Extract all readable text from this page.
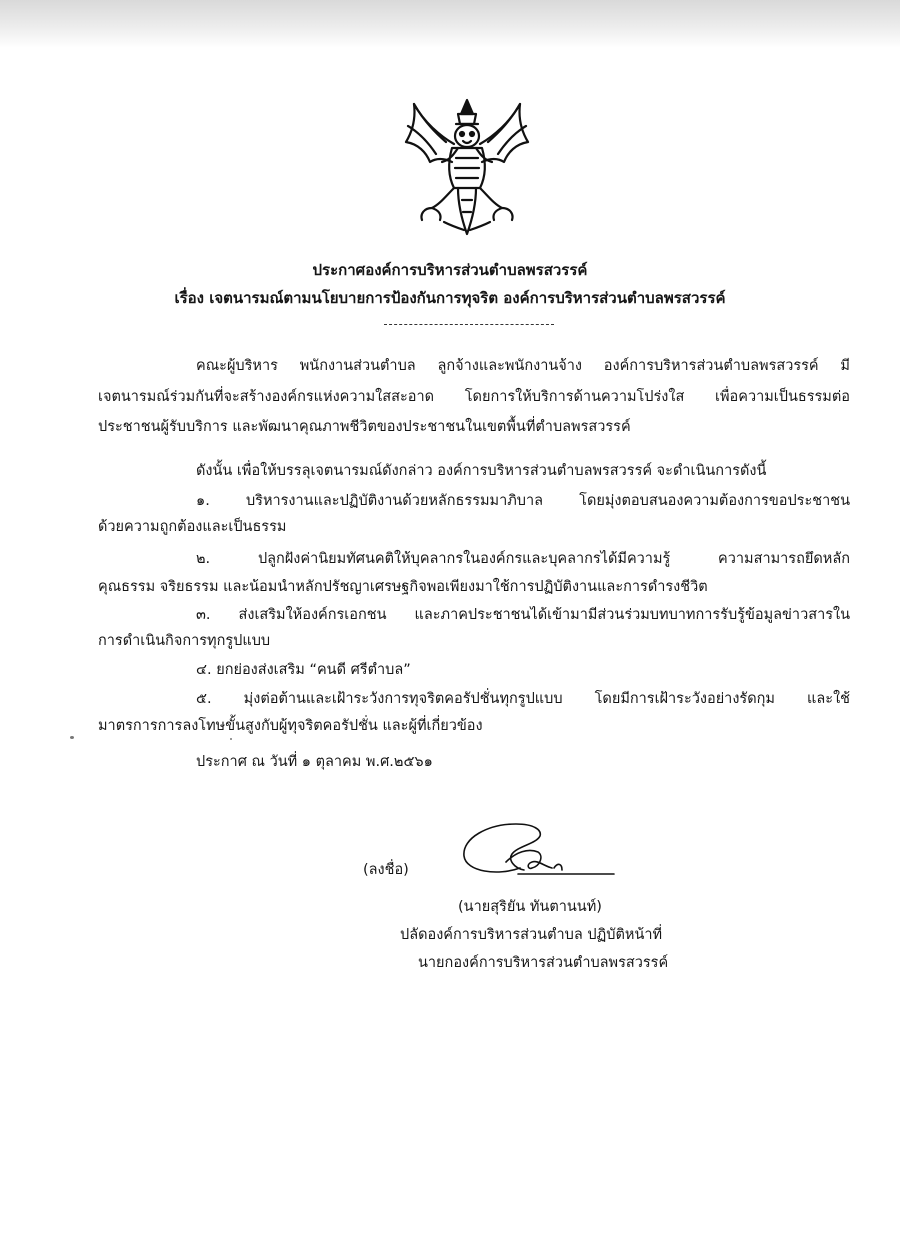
ประกาศองค์การบริหารส่วนตำบลพรสวรรค์
เรื่อง เจตนารมณ์ตามนโยบายการป้องกันการทุจริต องค์การบริหารส่วนตำบลพรสวรรค์
คณะผู้บริหาร พนักงานส่วนตำบล ลูกจ้างและพนักงานจ้าง องค์การบริหารส่วนตำบลพรสวรรค์ มี
เจตนารมณ์ร่วมกันที่จะสร้างองค์กรแห่งความใสสะอาด โดยการให้บริการด้านความโปร่งใส เพื่อความเป็นธรรมต่อ
ประชาชนผู้รับบริการ และพัฒนาคุณภาพชีวิตของประชาชนในเขตพื้นที่ตำบลพรสวรรค์
ดังนั้น เพื่อให้บรรลุเจตนารมณ์ดังกล่าว องค์การบริหารส่วนตำบลพรสวรรค์ จะดำเนินการดังนี้
๑. บริหารงานและปฏิบัติงานด้วยหลักธรรมมาภิบาล โดยมุ่งตอบสนองความต้องการขอประชาชน
ด้วยความถูกต้องและเป็นธรรม
๒. ปลูกฝังค่านิยมทัศนคติให้บุคลากรในองค์กรและบุคลากรได้มีความรู้ ความสามารถยึดหลัก
คุณธรรม จริยธรรม และน้อมนำหลักปรัชญาเศรษฐกิจพอเพียงมาใช้การปฏิบัติงานและการดำรงชีวิต
๓. ส่งเสริมให้องค์กรเอกชน และภาคประชาชนได้เข้ามามีส่วนร่วมบทบาทการรับรู้ข้อมูลข่าวสารใน
การดำเนินกิจการทุกรูปแบบ
๔. ยกย่องส่งเสริม “คนดี ศรีตำบล”
๕. มุ่งต่อต้านและเฝ้าระวังการทุจริตคอรัปชั่นทุกรูปแบบ โดยมีการเฝ้าระวังอย่างรัดกุม และใช้
มาตรการการลงโทษขั้นสูงกับผู้ทุจริตคอรัปชั่น และผู้ที่เกี่ยวข้อง
ประกาศ ณ วันที่ ๑ ตุลาคม พ.ศ.๒๕๖๑
(ลงชื่อ)
(นายสุริยัน ทันตานนท์)
ปลัดองค์การบริหารส่วนตำบล ปฏิบัติหน้าที่
นายกองค์การบริหารส่วนตำบลพรสวรรค์
